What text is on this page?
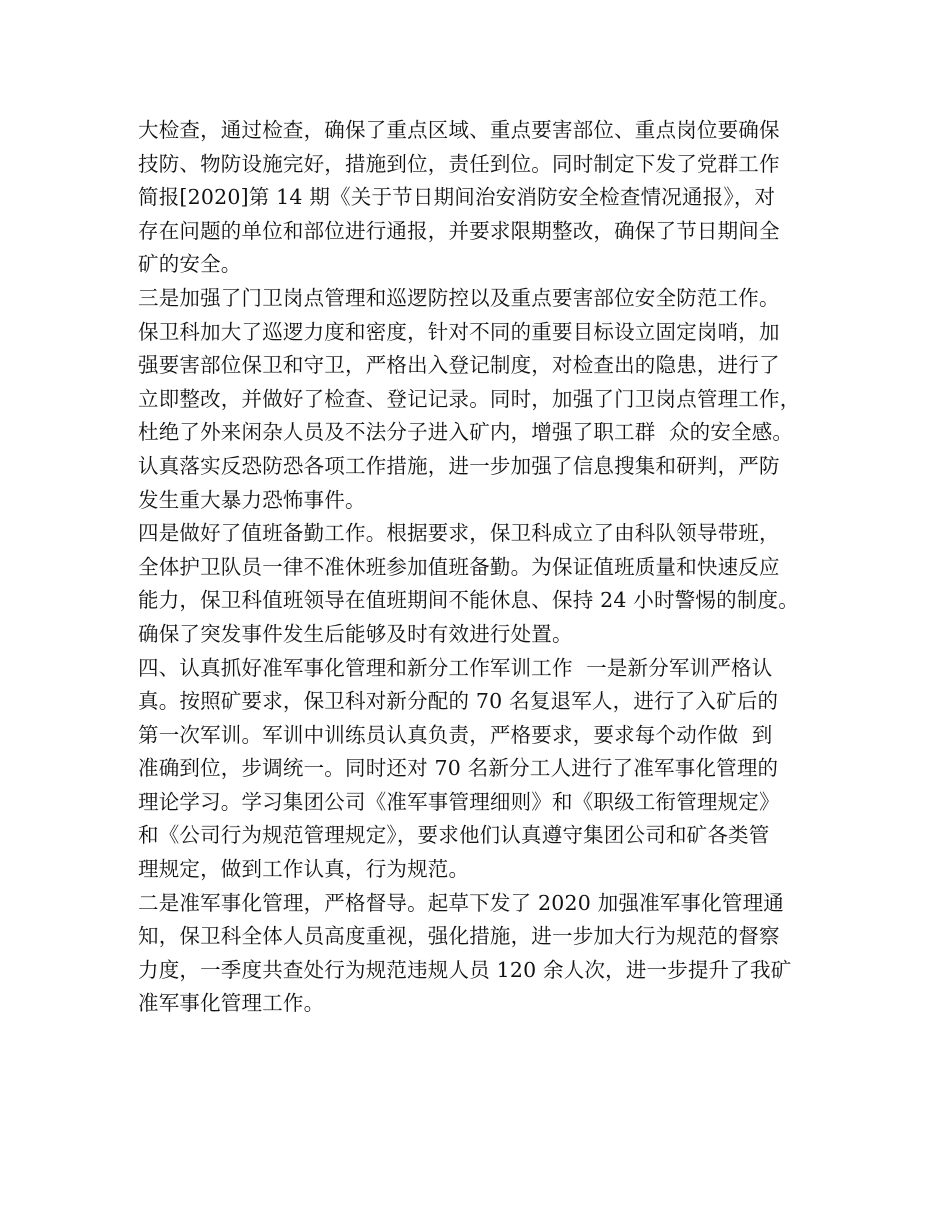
大检查，通过检查，确保了重点区域、重点要害部位、重点岗位要确保
技防、物防设施完好，措施到位，责任到位。同时制定下发了党群工作
简报[2020]第 14 期《关于节日期间治安消防安全检查情况通报》，对
存在问题的单位和部位进行通报，并要求限期整改，确保了节日期间全
矿的安全。
三是加强了门卫岗点管理和巡逻防控以及重点要害部位安全防范工作。
保卫科加大了巡逻力度和密度，针对不同的重要目标设立固定岗哨，加
强要害部位保卫和守卫，严格出入登记制度，对检查出的隐患，进行了
立即整改，并做好了检查、登记记录。同时，加强了门卫岗点管理工作，
杜绝了外来闲杂人员及不法分子进入矿内，增强了职工群  众的安全感。
认真落实反恐防恐各项工作措施，进一步加强了信息搜集和研判，严防
发生重大暴力恐怖事件。
四是做好了值班备勤工作。根据要求，保卫科成立了由科队领导带班，
全体护卫队员一律不准休班参加值班备勤。为保证值班质量和快速反应
能力，保卫科值班领导在值班期间不能休息、保持 24 小时警惕的制度。
确保了突发事件发生后能够及时有效进行处置。
四、认真抓好准军事化管理和新分工作军训工作  一是新分军训严格认
真。按照矿要求，保卫科对新分配的 70 名复退军人，进行了入矿后的
第一次军训。军训中训练员认真负责，严格要求，要求每个动作做  到
准确到位，步调统一。同时还对 70 名新分工人进行了准军事化管理的
理论学习。学习集团公司《准军事管理细则》和《职级工衔管理规定》
和《公司行为规范管理规定》，要求他们认真遵守集团公司和矿各类管
理规定，做到工作认真，行为规范。
二是准军事化管理，严格督导。起草下发了 2020 加强准军事化管理通
知，保卫科全体人员高度重视，强化措施，进一步加大行为规范的督察
力度，一季度共查处行为规范违规人员 120 余人次，进一步提升了我矿
准军事化管理工作。
